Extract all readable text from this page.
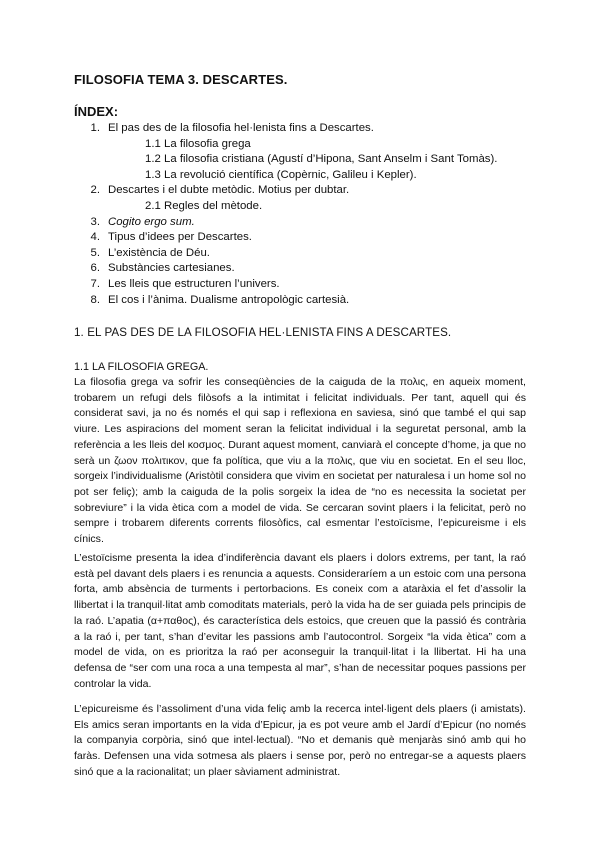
FILOSOFIA TEMA 3. DESCARTES.
ÍNDEX:
1. El pas des de la filosofia hel·lenista fins a Descartes.
1.1 La filosofia grega
1.2 La filosofia cristiana (Agustí d’Hipona, Sant Anselm i Sant Tomàs).
1.3 La revolució científica (Copèrnic, Galileu i Kepler).
2. Descartes i el dubte metòdic. Motius per dubtar.
2.1 Regles del mètode.
3. Cogito ergo sum.
4. Tipus d’idees per Descartes.
5. L’existència de Déu.
6. Substàncies cartesianes.
7. Les lleis que estructuren l’univers.
8. El cos i l’ànima. Dualisme antropològic cartesià.
1. EL PAS DES DE LA FILOSOFIA HEL·LENISTA FINS A DESCARTES.
1.1 LA FILOSOFIA GREGA.

La filosofia grega va sofrir les conseqüències de la caiguda de la πολις, en aqueix moment, trobarem un refugi dels filòsofs a la intimitat i felicitat individuals. Per tant, aquell qui és considerat savi, ja no és només el qui sap i reflexiona en saviesa, sinó que també el qui sap viure. Les aspiracions del moment seran la felicitat individual i la seguretat personal, amb la referència a les lleis del κοσμος. Durant aquest moment, canviarà el concepte d’home, ja que no serà un ζωον πολιτικον, que fa política, que viu a la πολις, que viu en societat. En el seu lloc, sorgeix l’individualisme (Aristòtil considera que vivim en societat per naturalesa i un home sol no pot ser feliç); amb la caiguda de la polis sorgeix la idea de “no es necessita la societat per sobreviure” i la vida ètica com a model de vida. Se cercaran sovint plaers i la felicitat, però no sempre i trobarem diferents corrents filosòfics, cal esmentar l’estoïcisme, l’epicureisme i els cínics.

L’estoïcisme presenta la idea d’indiferència davant els plaers i dolors extrems, per tant, la raó està pel davant dels plaers i es renuncia a aquests. Consideraríem a un estoic com una persona forta, amb absència de turments i pertorbacions. Es coneix com a ataràxia el fet d’assolir la llibertat i la tranquil·litat amb comoditats materials, però la vida ha de ser guiada pels principis de la raó. L’apatia (α+παθος), és característica dels estoics, que creuen que la passió és contrària a la raó i, per tant, s’han d’evitar les passions amb l’autocontrol. Sorgeix “la vida ètica” com a model de vida, on es prioritza la raó per aconseguir la tranquil·litat i la llibertat. Hi ha una defensa de “ser com una roca a una tempesta al mar”, s’han de necessitar poques passions per controlar la vida.

L’epicureisme és l’assoliment d’una vida feliç amb la recerca intel·ligent dels plaers (i amistats). Els amics seran importants en la vida d’Epicur, ja es pot veure amb el Jardí d’Epicur (no només la companyia corpòria, sinó que intel·lectual). “No et demanis què menjaràs sinó amb qui ho faràs. Defensen una vida sotmesa als plaers i sense por, però no entregar-se a aquests plaers sinó que a la racionalitat; un plaer sàviament administrat.
